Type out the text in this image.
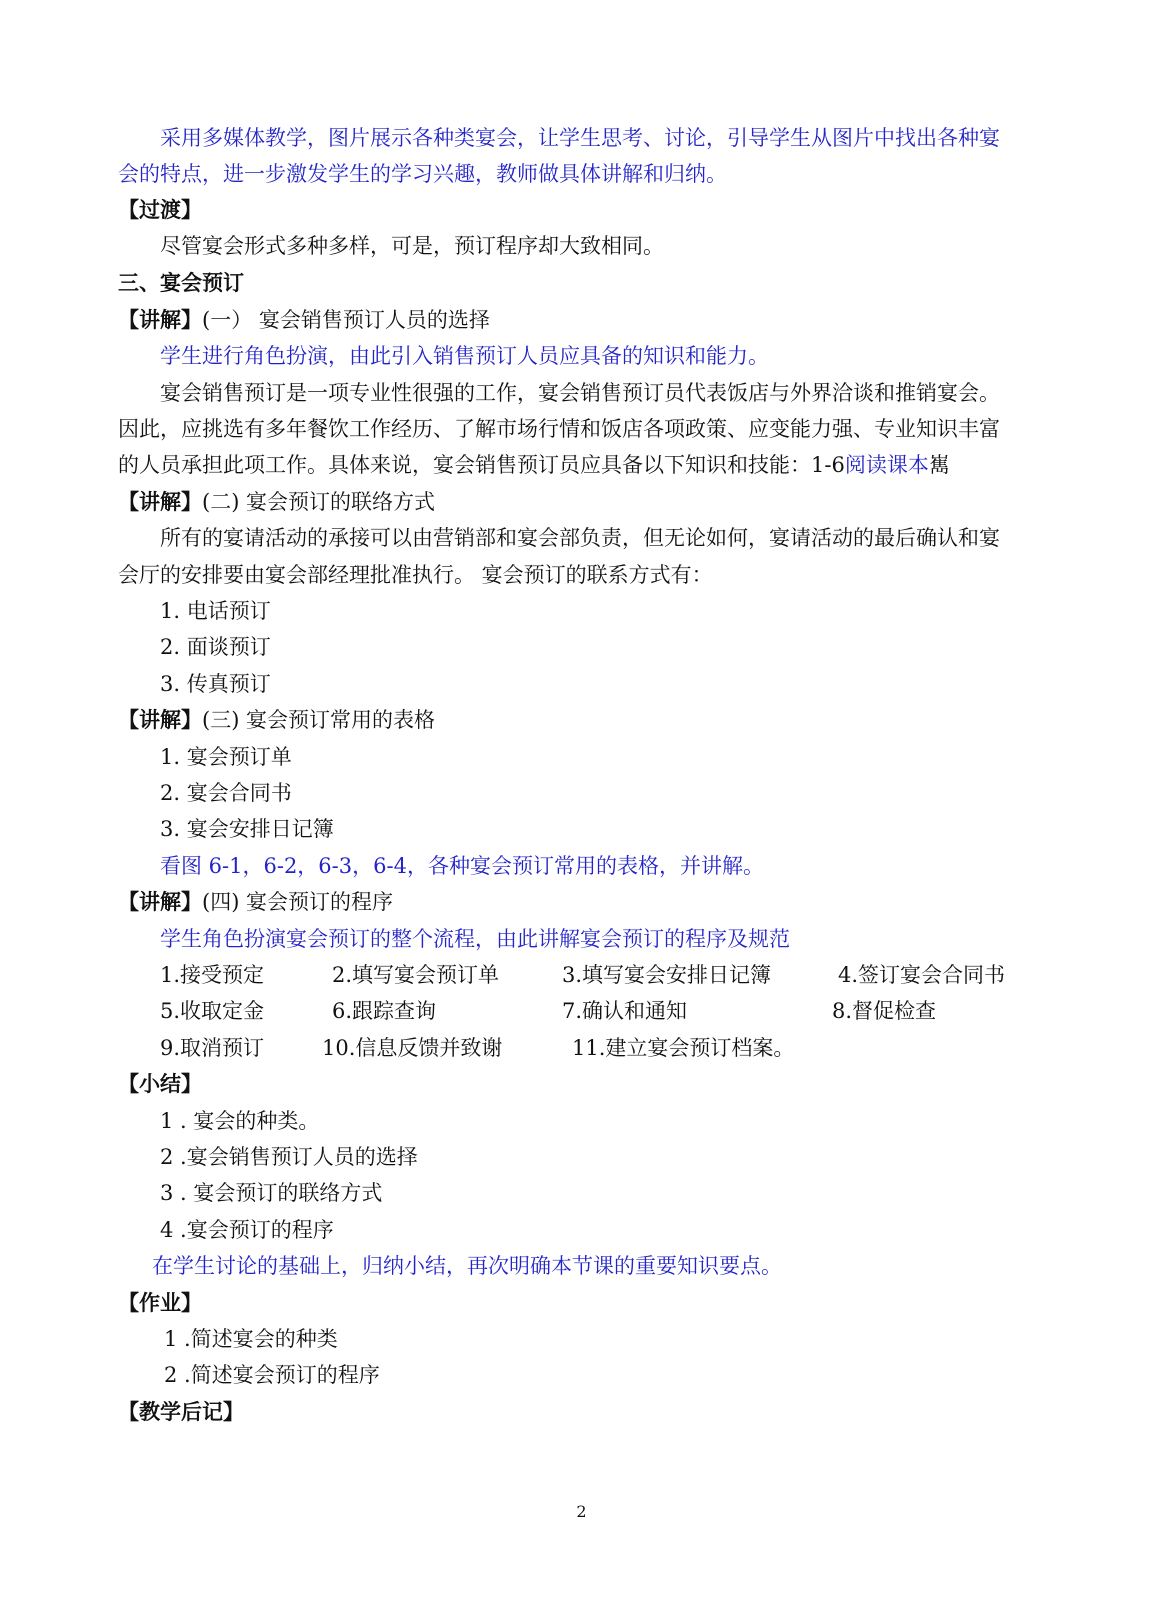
采用多媒体教学，图片展示各种类宴会，让学生思考、讨论，引导学生从图片中找出各种宴
会的特点，进一步激发学生的学习兴趣，教师做具体讲解和归纳。
【过渡】
尽管宴会形式多种多样，可是，预订程序却大致相同。
三、宴会预订
【讲解】(一） 宴会销售预订人员的选择
学生进行角色扮演，由此引入销售预订人员应具备的知识和能力。
宴会销售预订是一项专业性很强的工作，宴会销售预订员代表饭店与外界洽谈和推销宴会。
因此，应挑选有多年餐饮工作经历、了解市场行情和饭店各项政策、应变能力强、专业知识丰富
的人员承担此项工作。具体来说，宴会销售预订员应具备以下知识和技能：1-6阅读课本嶲
【讲解】(二) 宴会预订的联络方式
所有的宴请活动的承接可以由营销部和宴会部负责，但无论如何，宴请活动的最后确认和宴
会厅的安排要由宴会部经理批准执行。 宴会预订的联系方式有：
1. 电话预订
2. 面谈预订
3. 传真预订
【讲解】(三) 宴会预订常用的表格
1. 宴会预订单
2. 宴会合同书
3. 宴会安排日记簿
看图 6-1，6-2，6-3，6-4，各种宴会预订常用的表格，并讲解。
【讲解】(四) 宴会预订的程序
学生角色扮演宴会预订的整个流程，由此讲解宴会预订的程序及规范
1.接受预定	2.填写宴会预订单	3.填写宴会安排日记簿	4.签订宴会合同书
5.收取定金	6.跟踪查询	7.确认和通知	8.督促检查
9.取消预订	10.信息反馈并致谢	11.建立宴会预订档案。
【小结】
1 . 宴会的种类。
2 .宴会销售预订人员的选择
3 . 宴会预订的联络方式
4 .宴会预订的程序
在学生讨论的基础上，归纳小结，再次明确本节课的重要知识要点。
【作业】
1 .简述宴会的种类
2 .简述宴会预订的程序
【教学后记】
2
